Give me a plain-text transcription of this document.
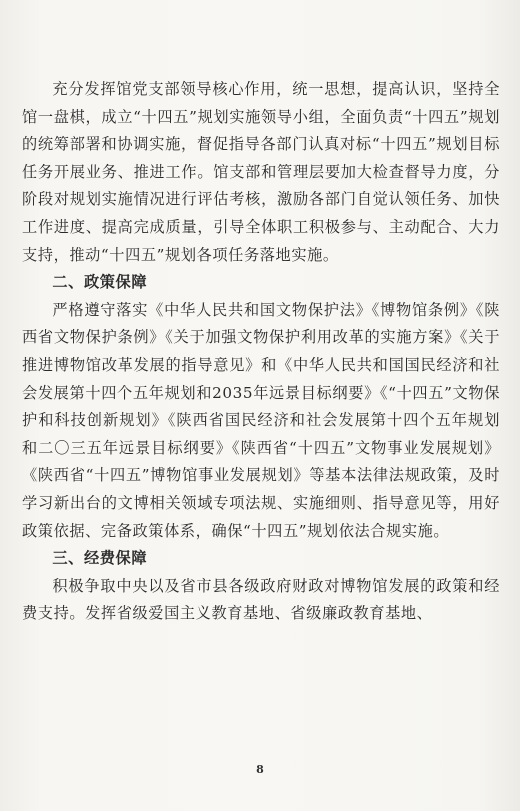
充分发挥馆党支部领导核心作用，统一思想，提高认识，坚持全馆一盘棋，成立“十四五”规划实施领导小组，全面负责“十四五”规划的统筹部署和协调实施，督促指导各部门认真对标“十四五”规划目标任务开展业务、推进工作。馆支部和管理层要加大检查督导力度，分阶段对规划实施情况进行评估考核，激励各部门自觉认领任务、加快工作进度、提高完成质量，引导全体职工积极参与、主动配合、大力支持，推动“十四五”规划各项任务落地实施。

二、政策保障

严格遵守落实《中华人民共和国文物保护法》《博物馆条例》《陕西省文物保护条例》《关于加强文物保护利用改革的实施方案》《关于推进博物馆改革发展的指导意见》和《中华人民共和国国民经济和社会发展第十四个五年规划和2035年远景目标纲要》《“十四五”文物保护和科技创新规划》《陕西省国民经济和社会发展第十四个五年规划和二〇三五年远景目标纲要》《陕西省“十四五”文物事业发展规划》《陕西省“十四五”博物馆事业发展规划》等基本法律法规政策，及时学习新出台的文博相关领域专项法规、实施细则、指导意见等，用好政策依据、完备政策体系，确保“十四五”规划依法合规实施。

三、经费保障

积极争取中央以及省市县各级政府财政对博物馆发展的政策和经费支持。发挥省级爱国主义教育基地、省级廉政教育基地、

8
